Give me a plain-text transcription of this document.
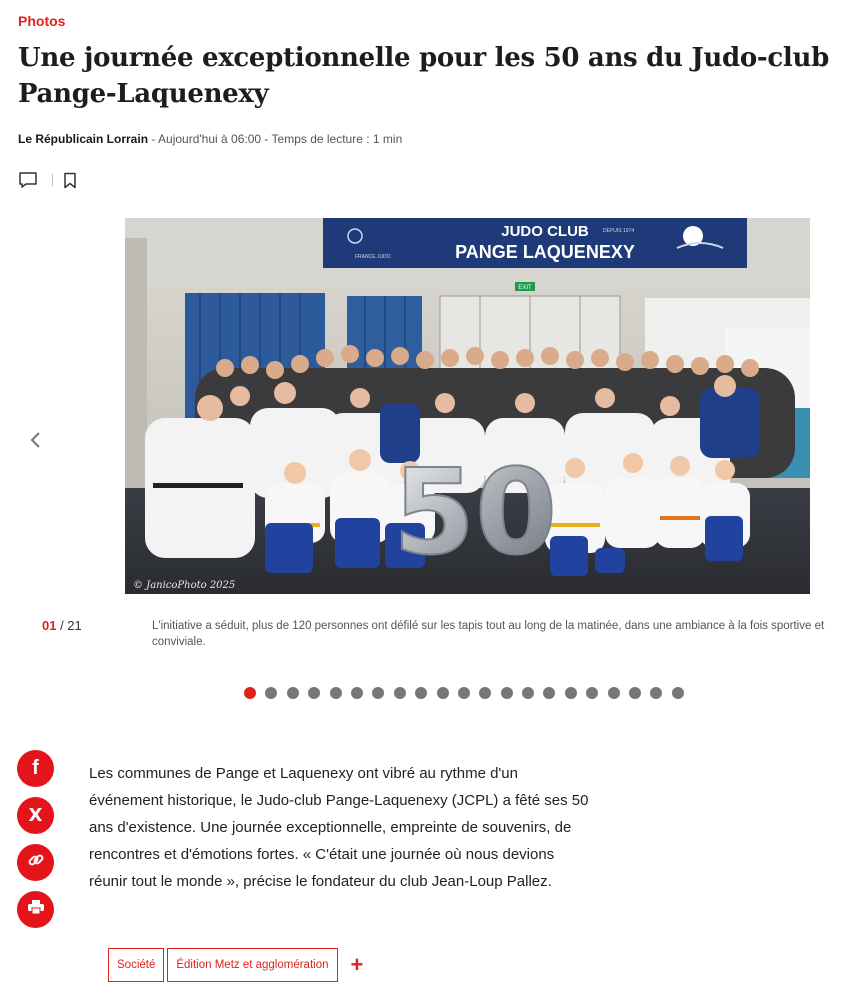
Photos
Une journée exceptionnelle pour les 50 ans du Judo-club Pange-Laquenexy
Le Républicain Lorrain - Aujourd'hui à 06:00 - Temps de lecture : 1 min
EXIT
JUDO CLUB
PANGE LAQUENEXY
DEPUIS 1974
FRANCE JUDO
50
© JanicoPhoto 2025
01 / 21	L'initiative a séduit, plus de 120 personnes ont défilé sur les tapis tout au long de la matinée, dans une ambiance à la fois sportive et conviviale.

f
X

Les communes de Pange et Laquenexy ont vibré au rythme d'un événement historique, le Judo-club Pange-Laquenexy (JCPL) a fêté ses 50 ans d'existence. Une journée exceptionnelle, empreinte de souvenirs, de rencontres et d'émotions fortes. « C'était une journée où nous devions réunir tout le monde », précise le fondateur du club Jean-Loup Pallez.

Société	Édition Metz et agglomération	+
